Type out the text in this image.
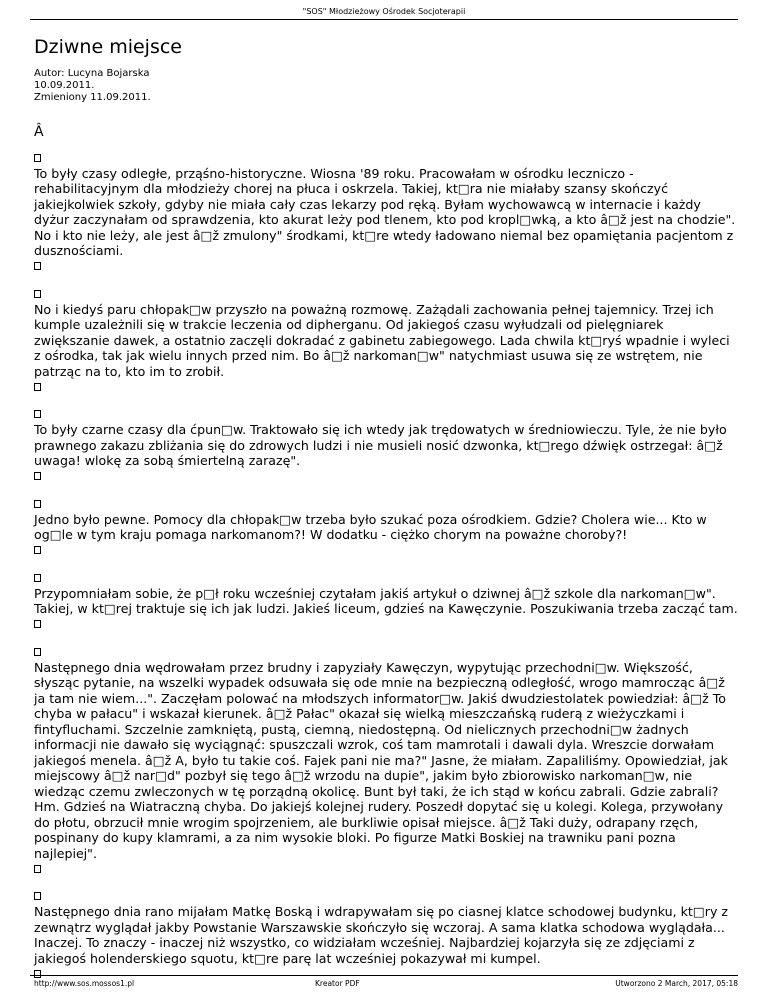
"SOS" Młodzieżowy Ośrodek Socjoterapii
Dziwne miejsce
Autor: Lucyna Bojarska
10.09.2011.
Zmieniony 11.09.2011.
Â

To były czasy odległe, prząśno-historyczne. Wiosna '89 roku. Pracowałam w ośrodku leczniczo - rehabilitacyjnym dla młodzieży chorej na płuca i oskrzela. Takiej, kt□ra nie miałaby szansy skończyć jakiejkolwiek szkoły, gdyby nie miała cały czas lekarzy pod ręką. Byłam wychowawcą w internacie i każdy dyżur zaczynałam od sprawdzenia, kto akurat leży pod tlenem, kto pod kropl□wką, a kto â□ž jest na chodzie". No i kto nie leży, ale jest â□ž zmulony" środkami, kt□re wtedy ładowano niemal bez opamiętania pacjentom z dusznościami.

No i kiedyś paru chłopak□w przyszło na poważną rozmowę. Zażądali zachowania pełnej tajemnicy. Trzej ich kumple uzależnili się w trakcie leczenia od dipherganu. Od jakiegoś czasu wyłudzali od pielęgniarek zwiększanie dawek, a ostatnio zaczęli dokradać z gabinetu zabiegowego. Lada chwila kt□ryś wpadnie i wyleci z ośrodka, tak jak wielu innych przed nim. Bo â□ž narkoman□w" natychmiast usuwa się ze wstrętem, nie patrząc na to, kto im to zrobił.

To były czarne czasy dla ćpun□w. Traktowało się ich wtedy jak trędowatych w średniowieczu. Tyle, że nie było prawnego zakazu zbliżania się do zdrowych ludzi i nie musieli nosić dzwonka, kt□rego dźwięk ostrzegał: â□ž uwaga! wlokę za sobą śmiertelną zarazę".

Jedno było pewne. Pomocy dla chłopak□w trzeba było szukać poza ośrodkiem. Gdzie? Cholera wie... Kto w og□le w tym kraju pomaga narkomanom?! W dodatku - ciężko chorym na poważne choroby?!

Przypomniałam sobie, że p□ł roku wcześniej czytałam jakiś artykuł o dziwnej â□ž szkole dla narkoman□w". Takiej, w kt□rej traktuje się ich jak ludzi. Jakieś liceum, gdzieś na Kawęczynie. Poszukiwania trzeba zacząć tam.

Następnego dnia wędrowałam przez brudny i zapyziały Kawęczyn, wypytując przechodni□w. Większość, słysząc pytanie, na wszelki wypadek odsuwała się ode mnie na bezpieczną odległość, wrogo mamrocząc â□ž ja tam nie wiem...". Zaczęłam polować na młodszych informator□w. Jakiś dwudziestolatek powiedział: â□ž To chyba w pałacu" i wskazał kierunek. â□ž Pałac" okazał się wielką mieszczańską ruderą z wieżyczkami i fintyfluchami. Szczelnie zamkniętą, pustą, ciemną, niedostępną. Od nielicznych przechodni□w żadnych informacji nie dawało się wyciągnąć: spuszczali wzrok, coś tam mamrotali i dawali dyla. Wreszcie dorwałam jakiegoś menela. â□ž A, było tu takie coś. Fajek pani nie ma?" Jasne, że miałam. Zapaliliśmy. Opowiedział, jak miejscowy â□ž nar□d" pozbył się tego â□ž wrzodu na dupie", jakim było zbiorowisko narkoman□w, nie wiedząc czemu zwleczonych w tę porządną okolicę. Bunt był taki, że ich stąd w końcu zabrali. Gdzie zabrali? Hm. Gdzieś na Wiatraczną chyba. Do jakiejś kolejnej rudery. Poszedł dopytać się u kolegi. Kolega, przywołany do płotu, obrzucił mnie wrogim spojrzeniem, ale burkliwie opisał miejsce. â□ž Taki duży, odrapany rzęch, pospinany do kupy klamrami, a za nim wysokie bloki. Po figurze Matki Boskiej na trawniku pani pozna najlepiej".

Następnego dnia rano mijałam Matkę Boską i wdrapywałam się po ciasnej klatce schodowej budynku, kt□ry z zewnątrz wyglądał jakby Powstanie Warszawskie skończyło się wczoraj. A sama klatka schodowa wyglądała... Inaczej. To znaczy - inaczej niż wszystko, co widziałam wcześniej. Najbardziej kojarzyła się ze zdjęciami z jakiegoś holenderskiego squotu, kt□re parę lat wcześniej pokazywał mi kumpel.

http://www.sos.mossos1.pl	Kreator PDF	Utworzono 2 March, 2017, 05:18
